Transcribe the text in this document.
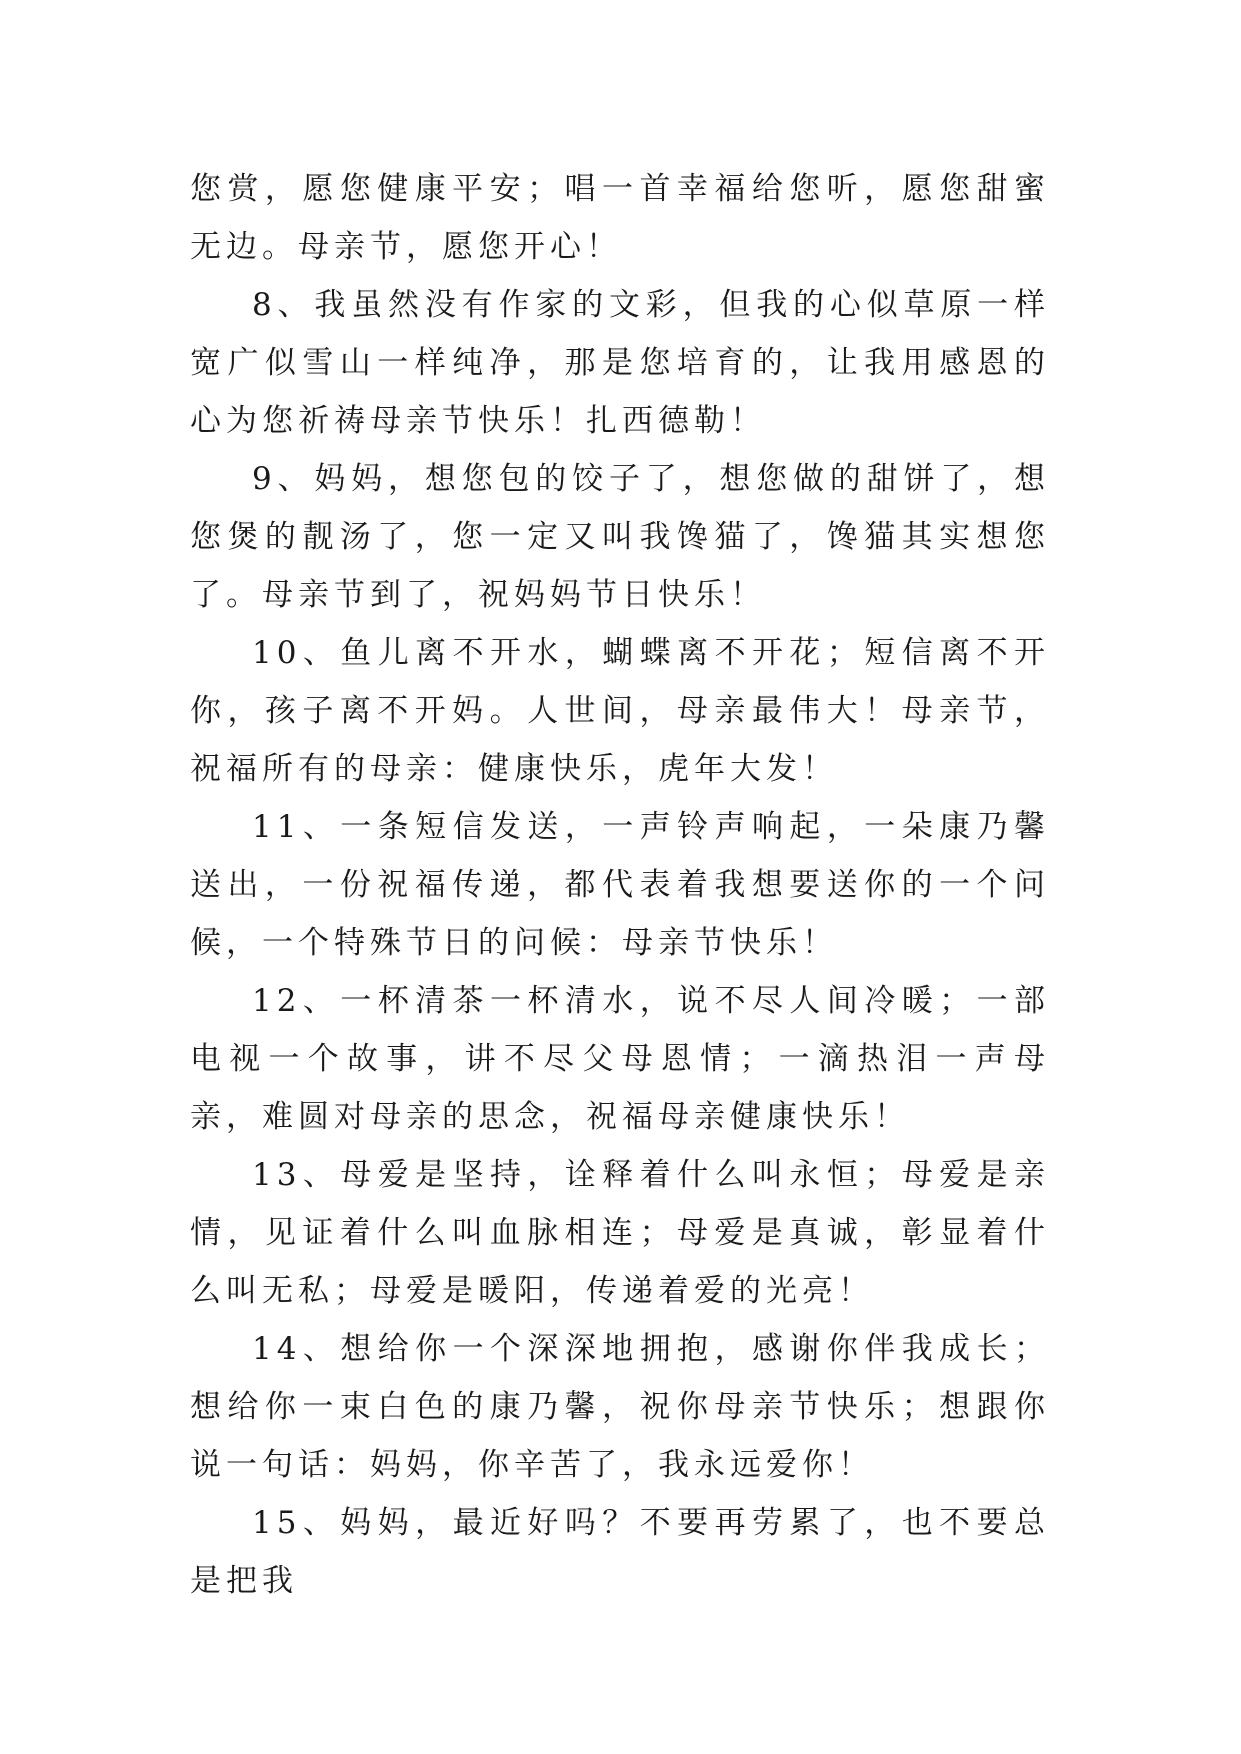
您赏，愿您健康平安；唱一首幸福给您听，愿您甜蜜无边。母亲节，愿您开心！

8、我虽然没有作家的文彩，但我的心似草原一样宽广似雪山一样纯净，那是您培育的，让我用感恩的心为您祈祷母亲节快乐！扎西德勒！

9、妈妈，想您包的饺子了，想您做的甜饼了，想您煲的靓汤了，您一定又叫我馋猫了，馋猫其实想您了。母亲节到了，祝妈妈节日快乐！

10、鱼儿离不开水，蝴蝶离不开花；短信离不开你，孩子离不开妈。人世间，母亲最伟大！母亲节，祝福所有的母亲：健康快乐，虎年大发！

11、一条短信发送，一声铃声响起，一朵康乃馨送出，一份祝福传递，都代表着我想要送你的一个问候，一个特殊节日的问候：母亲节快乐！

12、一杯清茶一杯清水，说不尽人间冷暖；一部电视一个故事，讲不尽父母恩情；一滴热泪一声母亲，难圆对母亲的思念，祝福母亲健康快乐！

13、母爱是坚持，诠释着什么叫永恒；母爱是亲情，见证着什么叫血脉相连；母爱是真诚，彰显着什么叫无私；母爱是暖阳，传递着爱的光亮！

14、想给你一个深深地拥抱，感谢你伴我成长；想给你一束白色的康乃馨，祝你母亲节快乐；想跟你说一句话：妈妈，你辛苦了，我永远爱你！

15、妈妈，最近好吗？不要再劳累了，也不要总是把我
